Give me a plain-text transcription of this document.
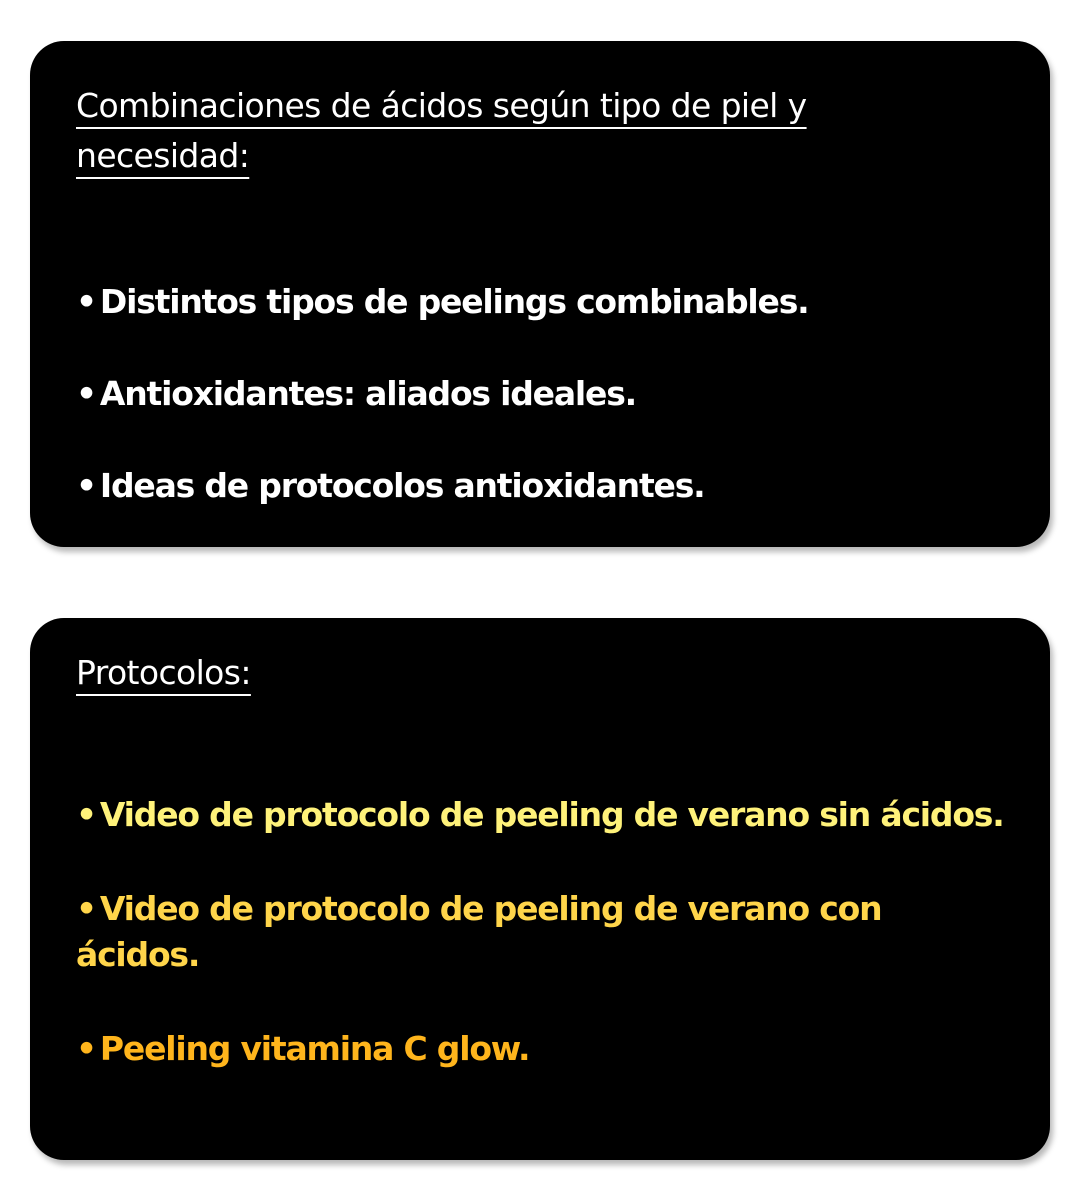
Combinaciones de ácidos según tipo de piel y necesidad:
• Distintos tipos de peelings combinables.
• Antioxidantes: aliados ideales.
• Ideas de protocolos antioxidantes.
Protocolos:
• Video de protocolo de peeling de verano sin ácidos.
• Video de protocolo de peeling de verano con ácidos.
• Peeling vitamina C glow.
